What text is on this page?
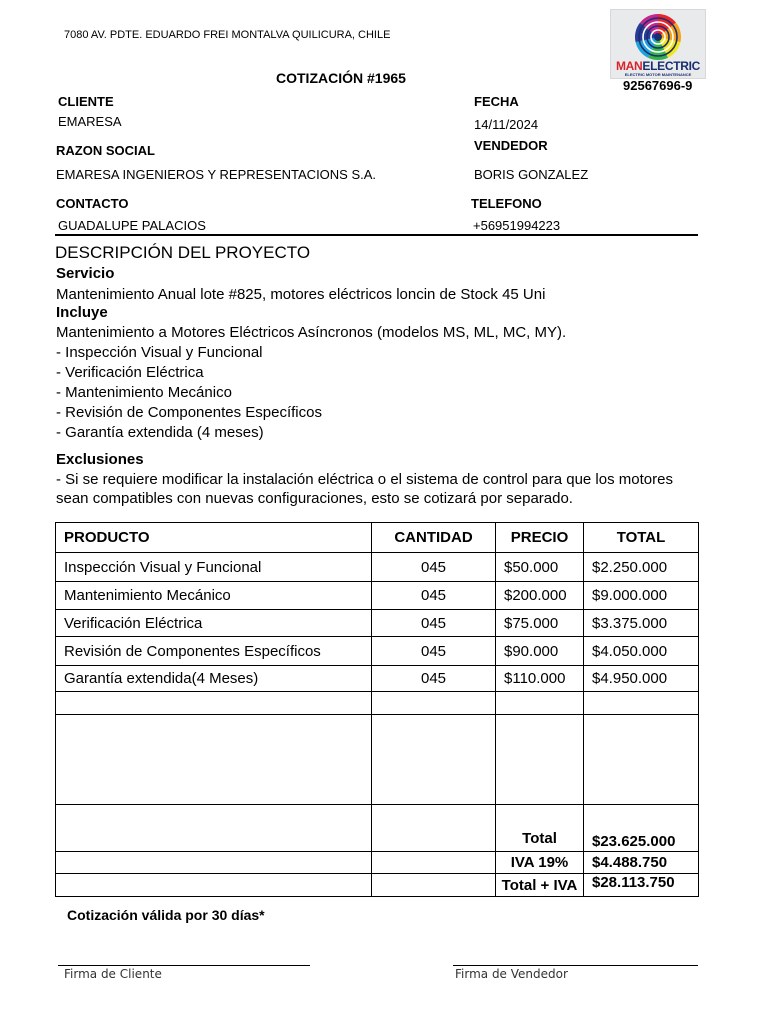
7080 AV. PDTE. EDUARDO FREI MONTALVA QUILICURA, CHILE
MANELECTRIC
ELECTRIC MOTOR MAINTENANCE
92567696-9
COTIZACIÓN #1965
CLIENTE
EMARESA
FECHA
14/11/2024
RAZON SOCIAL
EMARESA INGENIEROS Y REPRESENTACIONS S.A.
VENDEDOR
BORIS GONZALEZ
CONTACTO
GUADALUPE PALACIOS
TELEFONO
+56951994223
DESCRIPCIÓN DEL PROYECTO
Servicio
Mantenimiento Anual lote #825, motores eléctricos loncin de Stock 45 Uni
Incluye
Mantenimiento a Motores Eléctricos Asíncronos (modelos MS, ML, MC, MY).
- Inspección Visual y Funcional
- Verificación Eléctrica
- Mantenimiento Mecánico
- Revisión de Componentes Específicos
- Garantía extendida (4 meses)
Exclusiones
- Si se requiere modificar la instalación eléctrica o el sistema de control para que los motores
sean compatibles con nuevas configuraciones, esto se cotizará por separado.
PRODUCTO	CANTIDAD	PRECIO	TOTAL
Inspección Visual y Funcional	045	$50.000	$2.250.000
Mantenimiento Mecánico	045	$200.000	$9.000.000
Verificación Eléctrica	045	$75.000	$3.375.000
Revisión de Componentes Específicos	045	$90.000	$4.050.000
Garantía extendida(4 Meses)	045	$110.000	$4.950.000

		Total	$23.625.000
		IVA 19%	$4.488.750
		Total + IVA	$28.113.750
Cotización válida por 30 días*
Firma de Cliente	Firma de Vendedor
